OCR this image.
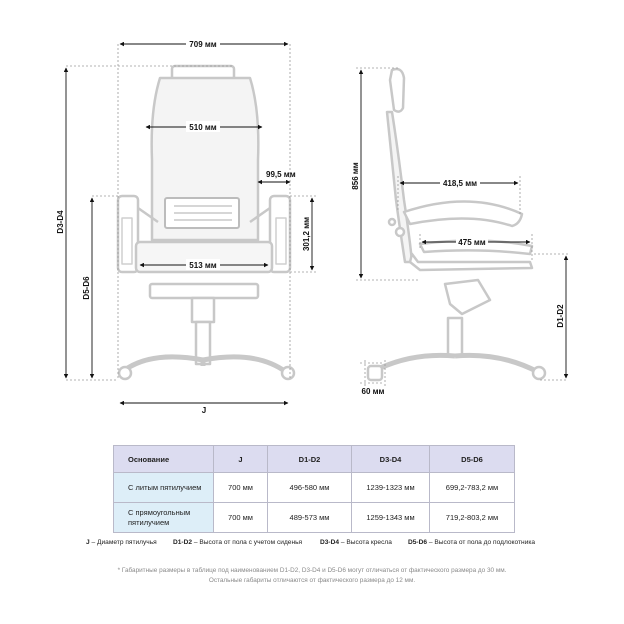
709 мм
510 мм
99,5 мм
513 мм
301,2 мм
D3-D4
D5-D6
J
856 мм	418,5 мм
475 мм
D1-D2
60 мм
Основание	J	D1-D2	D3-D4	D5-D6
С литым пятилучием	700 мм	496-580 мм	1239-1323 мм	699,2-783,2 мм
С прямоугольным пятилучием	700 мм	489-573 мм	1259-1343 мм	719,2-803,2 мм
J – Диаметр пятилучья D1-D2 – Высота от пола с учетом сиденья	D3-D4 – Высота кресла D5-D6 – Высота от пола до подлокотника
* Габаритные размеры в таблице под наименованием D1-D2, D3-D4 и D5-D6 могут отличаться от фактического размера до 30 мм.
Остальные габариты отличаются от фактического размера до 12 мм.
